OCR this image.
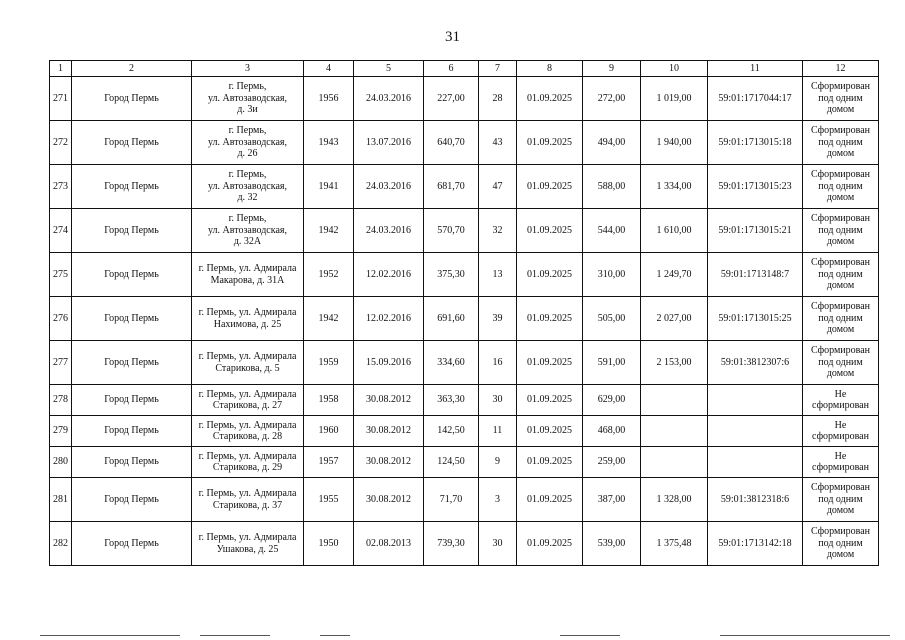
31
1	2	3	4	5	6	7	8	9	10	11	12
271	Город Пермь	г. Пермь,
ул. Автозаводская,
д. 3и	1956	24.03.2016	227,00	28	01.09.2025	272,00	1 019,00	59:01:1717044:17	Сформирован
под одним
домом
272	Город Пермь	г. Пермь,
ул. Автозаводская,
д. 26	1943	13.07.2016	640,70	43	01.09.2025	494,00	1 940,00	59:01:1713015:18	Сформирован
под одним
домом
273	Город Пермь	г. Пермь,
ул. Автозаводская,
д. 32	1941	24.03.2016	681,70	47	01.09.2025	588,00	1 334,00	59:01:1713015:23	Сформирован
под одним
домом
274	Город Пермь	г. Пермь,
ул. Автозаводская,
д. 32А	1942	24.03.2016	570,70	32	01.09.2025	544,00	1 610,00	59:01:1713015:21	Сформирован
под одним
домом
275	Город Пермь	г. Пермь, ул. Адмирала
Макарова, д. 31А	1952	12.02.2016	375,30	13	01.09.2025	310,00	1 249,70	59:01:1713148:7	Сформирован
под одним
домом
276	Город Пермь	г. Пермь, ул. Адмирала
Нахимова, д. 25	1942	12.02.2016	691,60	39	01.09.2025	505,00	2 027,00	59:01:1713015:25	Сформирован
под одним
домом
277	Город Пермь	г. Пермь, ул. Адмирала
Старикова, д. 5	1959	15.09.2016	334,60	16	01.09.2025	591,00	2 153,00	59:01:3812307:6	Сформирован
под одним
домом
278	Город Пермь	г. Пермь, ул. Адмирала
Старикова, д. 27	1958	30.08.2012	363,30	30	01.09.2025	629,00			Не
сформирован
279	Город Пермь	г. Пермь, ул. Адмирала
Старикова, д. 28	1960	30.08.2012	142,50	11	01.09.2025	468,00			Не
сформирован
280	Город Пермь	г. Пермь, ул. Адмирала
Старикова, д. 29	1957	30.08.2012	124,50	9	01.09.2025	259,00			Не
сформирован
281	Город Пермь	г. Пермь, ул. Адмирала
Старикова, д. 37	1955	30.08.2012	71,70	3	01.09.2025	387,00	1 328,00	59:01:3812318:6	Сформирован
под одним
домом
282	Город Пермь	г. Пермь, ул. Адмирала
Ушакова, д. 25	1950	02.08.2013	739,30	30	01.09.2025	539,00	1 375,48	59:01:1713142:18	Сформирован
под одним
домом
